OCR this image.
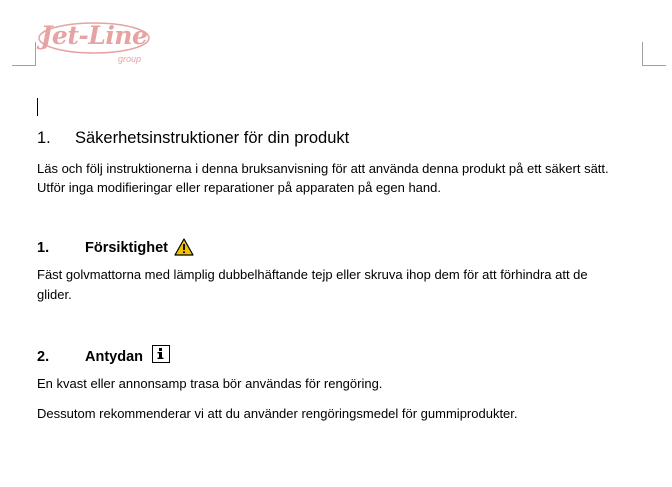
Jet-Line
group
1. Säkerhetsinstruktioner för din produkt
Läs och följ instruktionerna i denna bruksanvisning för att använda denna produkt på ett säkert sätt.
Utför inga modifieringar eller reparationer på apparaten på egen hand.
1. Försiktighet
Fäst golvmattorna med lämplig dubbelhäftande tejp eller skruva ihop dem för att förhindra att de
glider.
2. Antydan
En kvast eller annonsamp trasa bör användas för rengöring.
Dessutom rekommenderar vi att du använder rengöringsmedel för gummiprodukter.
